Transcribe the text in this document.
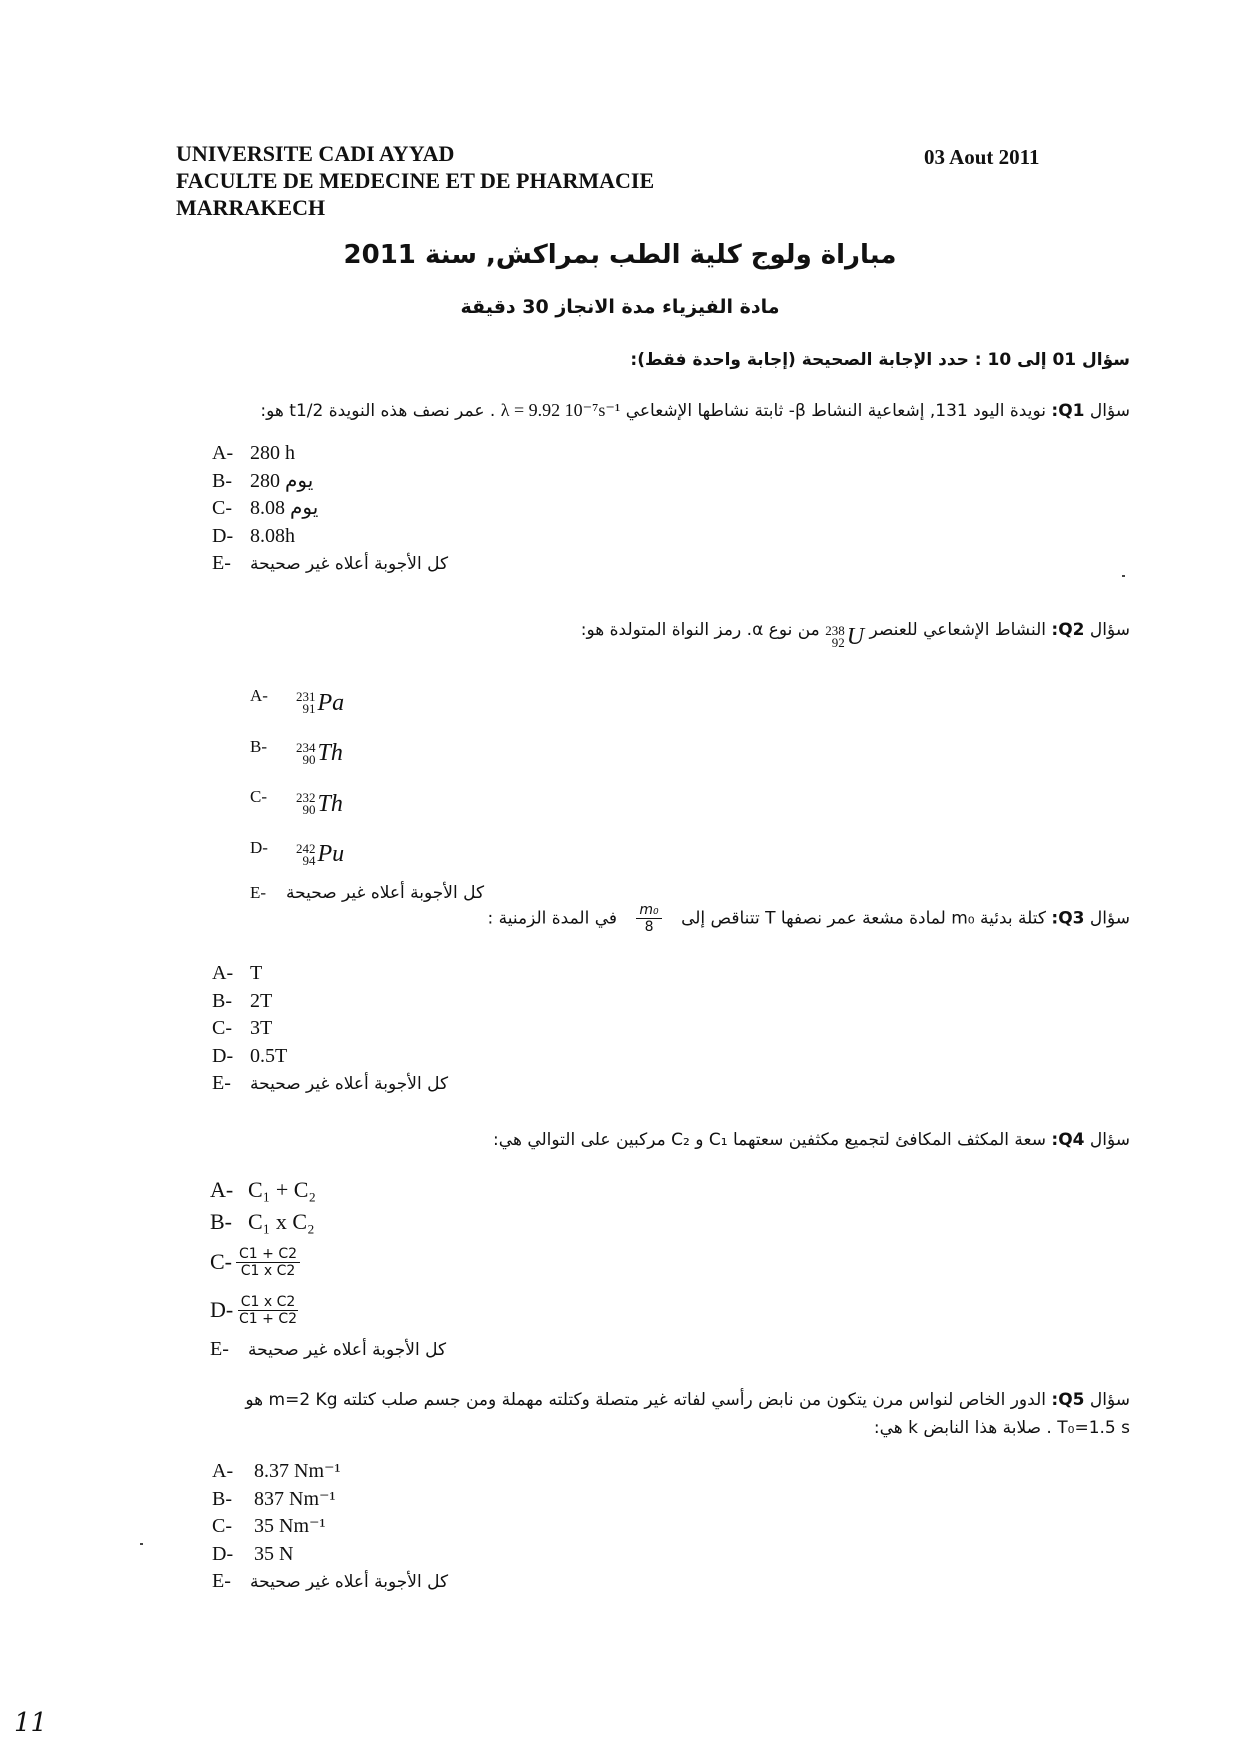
UNIVERSITE CADI AYYAD
FACULTE DE MEDECINE ET DE PHARMACIE
MARRAKECH
03 Aout 2011
مباراة ولوج كلية الطب بمراكش, سنة 2011
مادة الفيزياء مدة الانجاز 30 دقيقة
سؤال 01 إلى 10 : حدد الإجابة الصحيحة (إجابة واحدة فقط):
سؤال Q1: نويدة اليود 131, إشعاعية النشاط β- ثابتة نشاطها الإشعاعي λ = 9.92 10⁻⁷s⁻¹ . عمر نصف هذه النويدة t1/2 هو:
A- 280 h
B- 280 يوم
C- 8.08 يوم
D- 8.08h
E- كل الأجوبة أعلاه غير صحيحة
سؤال Q2: النشاط الإشعاعي للعنصر
238
92 U
من نوع α. رمز النواة المتولدة هو:
A- 231
91 Pa
B- 234
90 Th
C- 232
90 Th
D- 242
94 Pu
E- كل الأجوبة أعلاه غير صحيحة
سؤال Q3: كتلة بدئية m₀ لمادة مشعة عمر نصفها T تتناقص إلى
$\frac{\text{m₀}}{8}$
في المدة الزمنية :
A- T
B- 2T
C- 3T
D- 0.5T
E- كل الأجوبة أعلاه غير صحيحة
سؤال Q4: سعة المكثف المكافئ لتجميع مكثفين سعتهما C₁ و C₂ مركبين على التوالي هي:
A- C₁ + C₂
B- C₁ x C₂
$C- \frac{C1 + C2}{\text{C1 x C2}}$
$D- \frac{\text{C1 x C2}}{C1 + C2}$
E- كل الأجوبة أعلاه غير صحيحة
سؤال Q5: الدور الخاص لنواس مرن يتكون من نابض رأسي لفاته غير متصلة وكتلته مهملة ومن جسم صلب كتلته m=2 Kg هو
T₀=1.5 s . صلابة هذا النابض k هي:
A- 8.37 Nm⁻¹
B- 837 Nm⁻¹
C- 35 Nm⁻¹
D- 35 N
E- كل الأجوبة أعلاه غير صحيحة
11
